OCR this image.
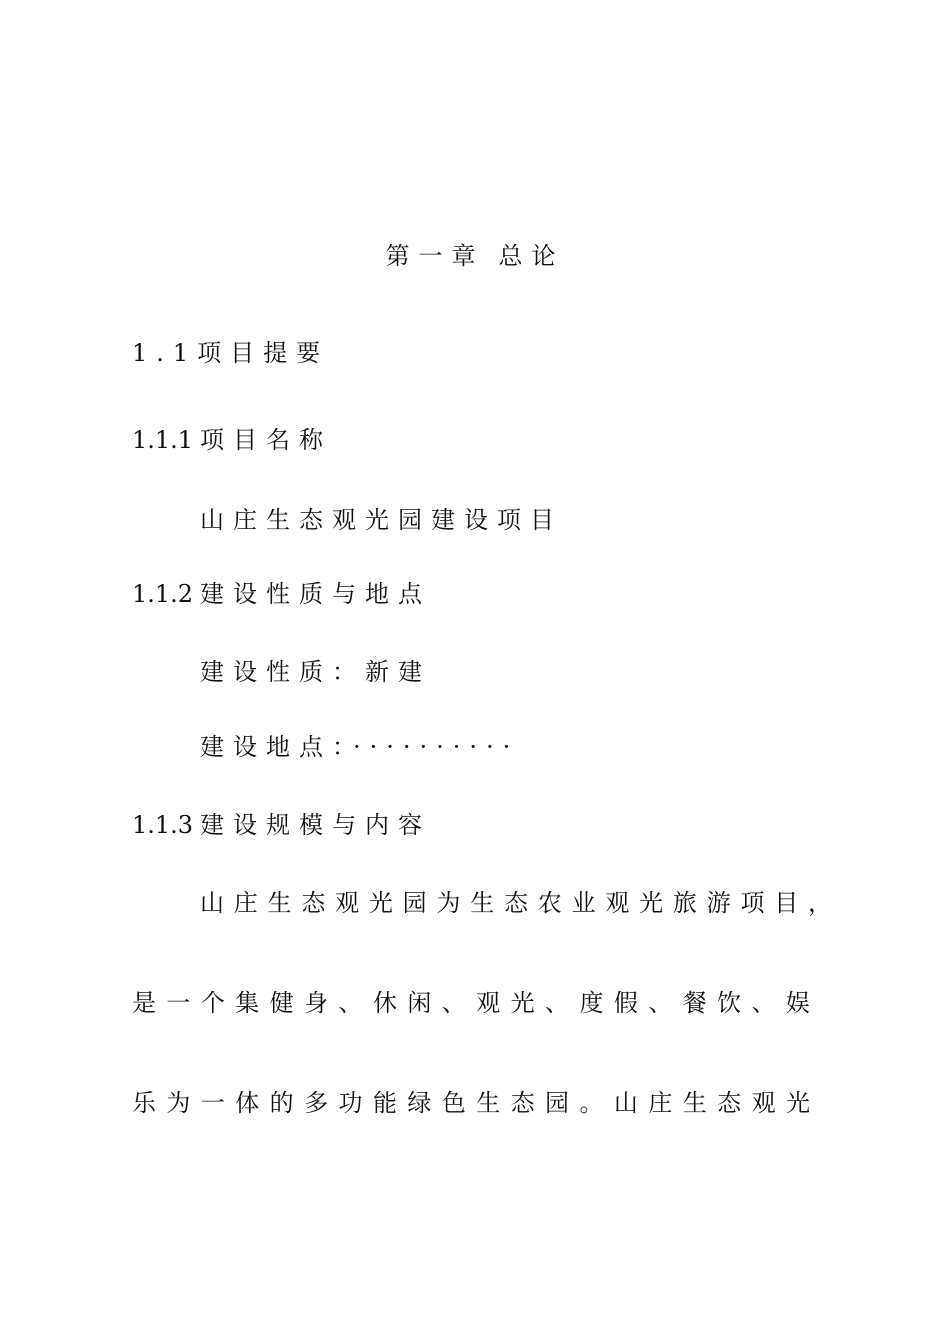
第一章 总论
1.1项目提要
1.1.1 项目名称
山庄生态观光园建设项目
1.1.2 建设性质与地点
建设性质：新建
建设地点：··········
1.1.3 建设规模与内容
山庄生态观光园为生态农业观光旅游项目，
是一个集健身、休闲、观光、度假、餐饮、娱
乐为一体的多功能绿色生态园。山庄生态观光
